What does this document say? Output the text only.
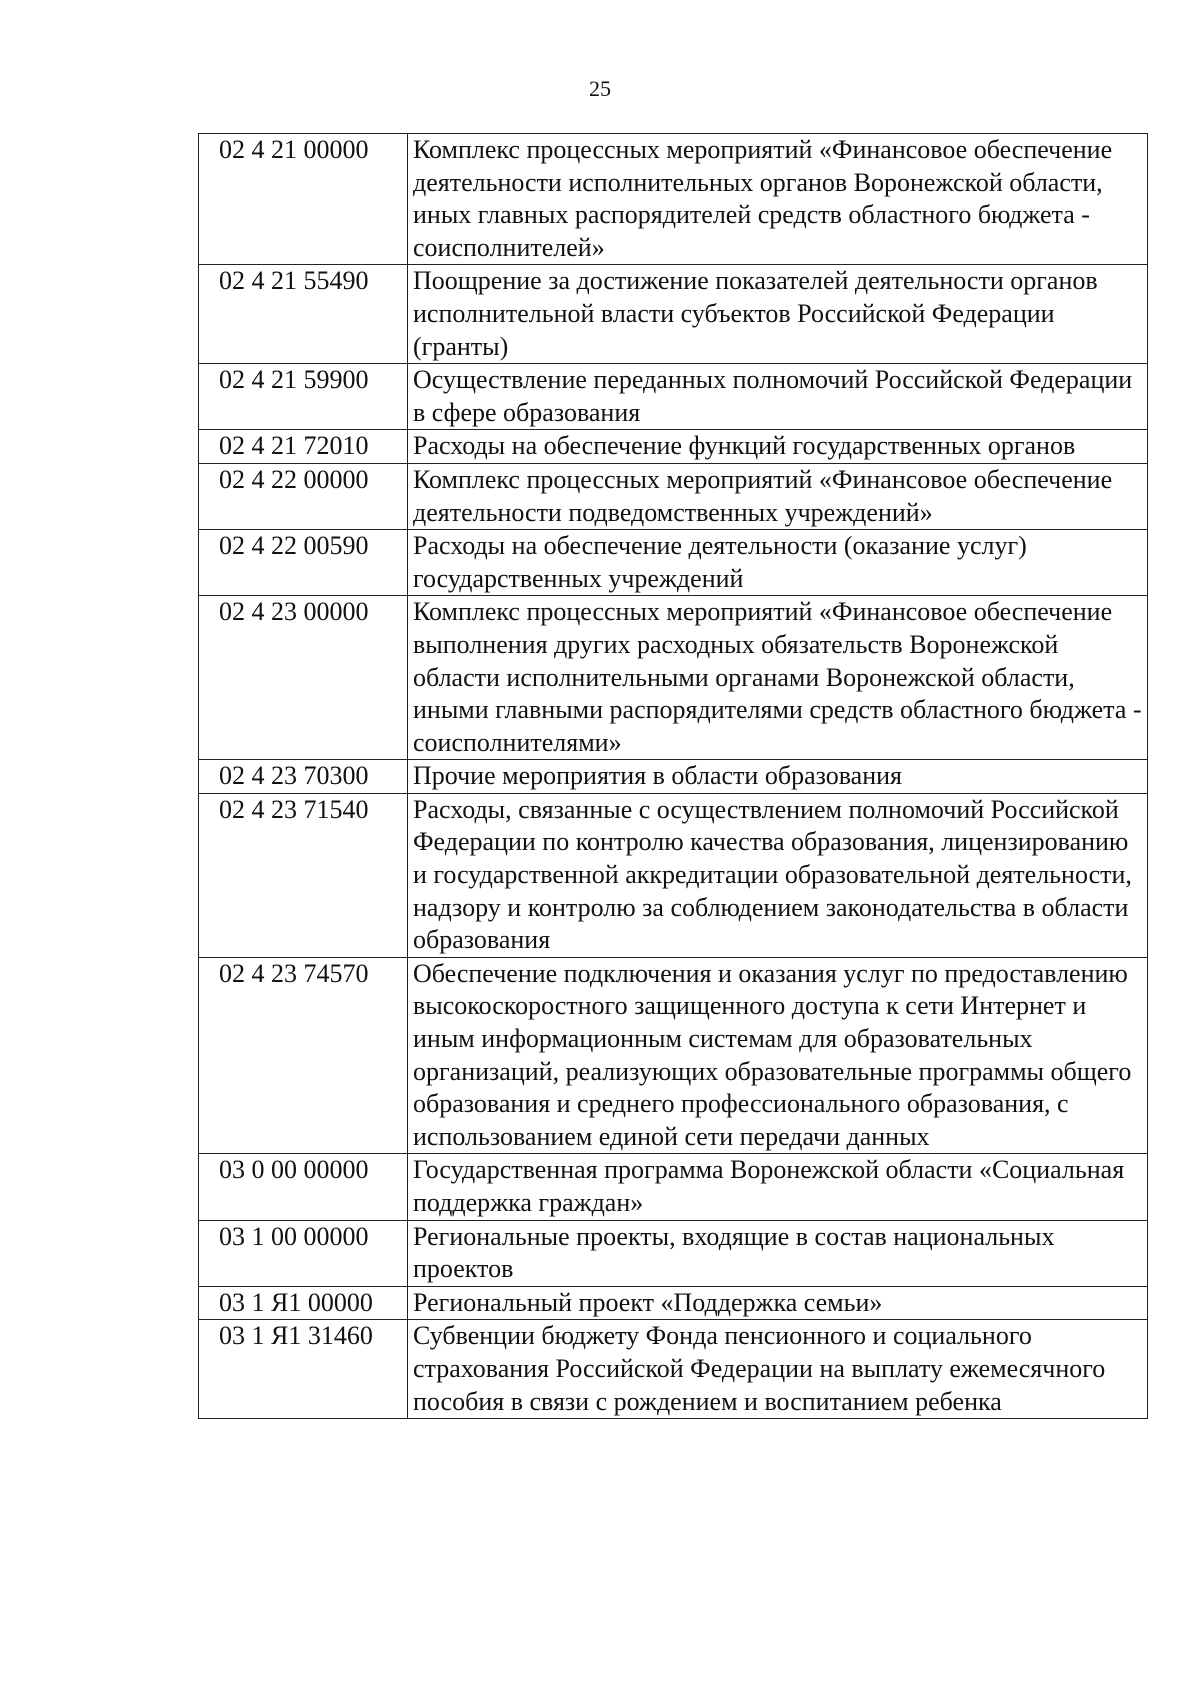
25
02 4 21 00000	Комплекс процессных мероприятий «Финансовое обеспечение деятельности исполнительных органов Воронежской области, иных главных распорядителей средств областного бюджета - соисполнителей»
02 4 21 55490	Поощрение за достижение показателей деятельности органов исполнительной власти субъектов Российской Федерации (гранты)
02 4 21 59900	Осуществление переданных полномочий Российской Федерации в сфере образования
02 4 21 72010	Расходы на обеспечение функций государственных органов
02 4 22 00000	Комплекс процессных мероприятий «Финансовое обеспечение деятельности подведомственных учреждений»
02 4 22 00590	Расходы на обеспечение деятельности (оказание услуг) государственных учреждений
02 4 23 00000	Комплекс процессных мероприятий «Финансовое обеспечение выполнения других расходных обязательств Воронежской области исполнительными органами Воронежской области, иными главными распорядителями средств областного бюджета - соисполнителями»
02 4 23 70300	Прочие мероприятия в области образования
02 4 23 71540	Расходы, связанные с осуществлением полномочий Российской Федерации по контролю качества образования, лицензированию и государственной аккредитации образовательной деятельности, надзору и контролю за соблюдением законодательства в области образования
02 4 23 74570	Обеспечение подключения и оказания услуг по предоставлению высокоскоростного защищенного доступа к сети Интернет и иным информационным системам для образовательных организаций, реализующих образовательные программы общего образования и среднего профессионального образования, с использованием единой сети передачи данных
03 0 00 00000	Государственная программа Воронежской области «Социальная поддержка граждан»
03 1 00 00000	Региональные проекты, входящие в состав национальных проектов
03 1 Я1 00000	Региональный проект «Поддержка семьи»
03 1 Я1 31460	Субвенции бюджету Фонда пенсионного и социального страхования Российской Федерации на выплату ежемесячного пособия в связи с рождением и воспитанием ребенка
